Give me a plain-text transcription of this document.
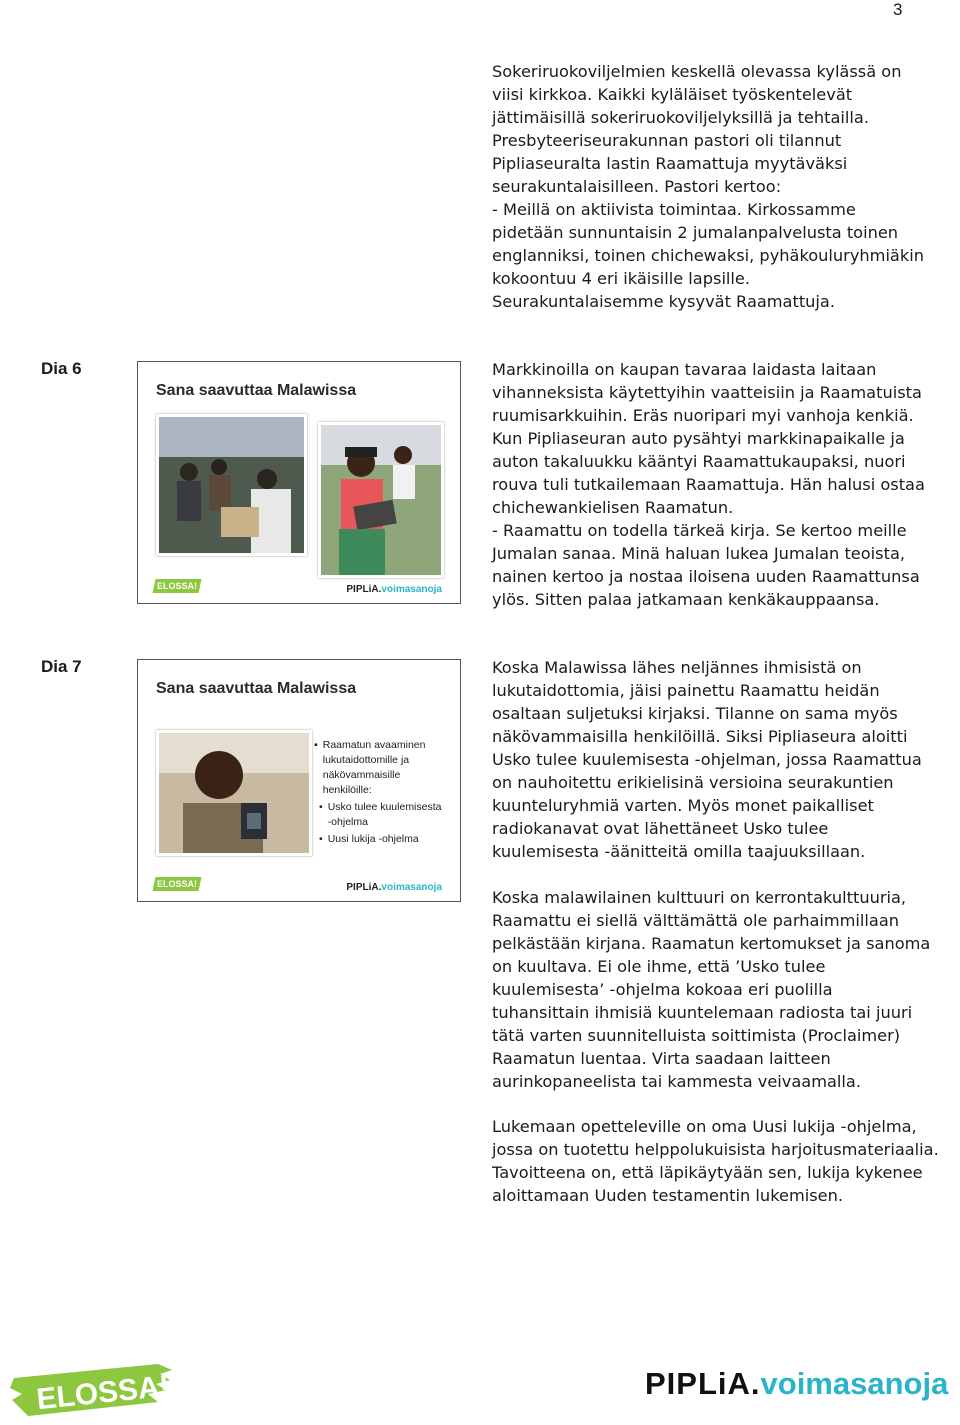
3

Sokeriruokoviljelmien keskellä olevassa kylässä on
viisi kirkkoa. Kaikki kyläläiset työskentelevät
jättimäisillä sokeriruokoviljelyksillä ja tehtailla.
Presbyteeriseurakunnan pastori oli tilannut
Pipliaseuralta lastin Raamattuja myytäväksi
seurakuntalaisilleen. Pastori kertoo:
- Meillä on aktiivista toimintaa. Kirkossamme
pidetään sunnuntaisin 2 jumalanpalvelusta toinen
englanniksi, toinen chichewaksi, pyhäkouluryhmiäkin
kokoontuu 4 eri ikäisille lapsille.
Seurakuntalaisemme kysyvät Raamattuja.

Dia 6
Sana saavuttaa Malawissa
ELOSSA!	PIPLiA.voimasanoja

Markkinoilla on kaupan tavaraa laidasta laitaan
vihanneksista käytettyihin vaatteisiin ja Raamatuista
ruumisarkkuihin. Eräs nuoripari myi vanhoja kenkiä.
Kun Pipliaseuran auto pysähtyi markkinapaikalle ja
auton takaluukku kääntyi Raamattukaupaksi, nuori
rouva tuli tutkailemaan Raamattuja. Hän halusi ostaa
chichewankielisen Raamatun.
- Raamattu on todella tärkeä kirja. Se kertoo meille
Jumalan sanaa. Minä haluan lukea Jumalan teoista,
nainen kertoo ja nostaa iloisena uuden Raamattunsa
ylös. Sitten palaa jatkamaan kenkäkauppaansa.

Dia 7
Sana saavuttaa Malawissa
▪ Raamatun avaaminen
lukutaidottomille ja
näkövammaisille
henkilöille:
• Usko tulee kuulemisesta
-ohjelma
• Uusi lukija -ohjelma
ELOSSA!	PIPLiA.voimasanoja

Koska Malawissa lähes neljännes ihmisistä on
lukutaidottomia, jäisi painettu Raamattu heidän
osaltaan suljetuksi kirjaksi. Tilanne on sama myös
näkövammaisilla henkilöillä. Siksi Pipliaseura aloitti
Usko tulee kuulemisesta -ohjelman, jossa Raamattua
on nauhoitettu erikielisinä versioina seurakuntien
kuunteluryhmiä varten. Myös monet paikalliset
radiokanavat ovat lähettäneet Usko tulee
kuulemisesta -äänitteitä omilla taajuuksillaan.

Koska malawilainen kulttuuri on kerrontakulttuuria,
Raamattu ei siellä välttämättä ole parhaimmillaan
pelkästään kirjana. Raamatun kertomukset ja sanoma
on kuultava. Ei ole ihme, että ’Usko tulee
kuulemisesta’ -ohjelma kokoaa eri puolilla
tuhansittain ihmisiä kuuntelemaan radiosta tai juuri
tätä varten suunnitelluista soittimista (Proclaimer)
Raamatun luentaa. Virta saadaan laitteen
aurinkopaneelista tai kammesta veivaamalla.

Lukemaan opetteleville on oma Uusi lukija -ohjelma,
jossa on tuotettu helppolukuisista harjoitusmateriaalia.
Tavoitteena on, että läpikäytyään sen, lukija kykenee
aloittamaan Uuden testamentin lukemisen.

ELOSSA!	PIPLiA.voimasanoja
